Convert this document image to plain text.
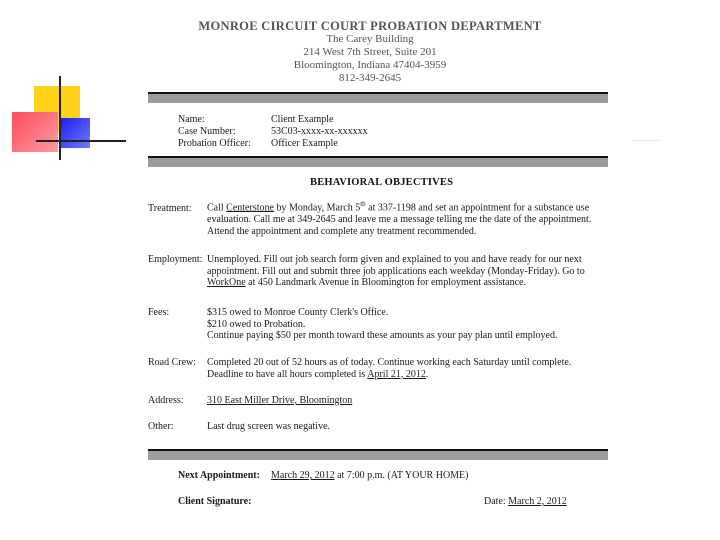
MONROE CIRCUIT COURT PROBATION DEPARTMENT
The Carey Building
214 West 7th Street, Suite 201
Bloomington, Indiana 47404-3959
812-349-2645
Name:	Client Example
Case Number:	53C03-xxxx-xx-xxxxxx
Probation Officer: Officer Example
BEHAVIORAL OBJECTIVES
Treatment: Call Centerstone by Monday, March 5th at 337-1198 and set an appointment for a substance use
evaluation. Call me at 349-2645 and leave me a message telling me the date of the appointment.
Attend the appointment and complete any treatment recommended.
Employment: Unemployed. Fill out job search form given and explained to you and have ready for our next
appointment. Fill out and submit three job applications each weekday (Monday-Friday). Go to
WorkOne at 450 Landmark Avenue in Bloomington for employment assistance.
Fees:	$315 owed to Monroe County Clerk's Office.
$210 owed to Probation.
Continue paying $50 per month toward these amounts as your pay plan until employed.
Road Crew: Completed 20 out of 52 hours as of today. Continue working each Saturday until complete.
Deadline to have all hours completed is April 21, 2012.
Address: 310 East Miller Drive, Bloomington
Other:	Last drug screen was negative.
Next Appointment: March 29, 2012 at 7:00 p.m. (AT YOUR HOME)
Client Signature:	Date: March 2, 2012
